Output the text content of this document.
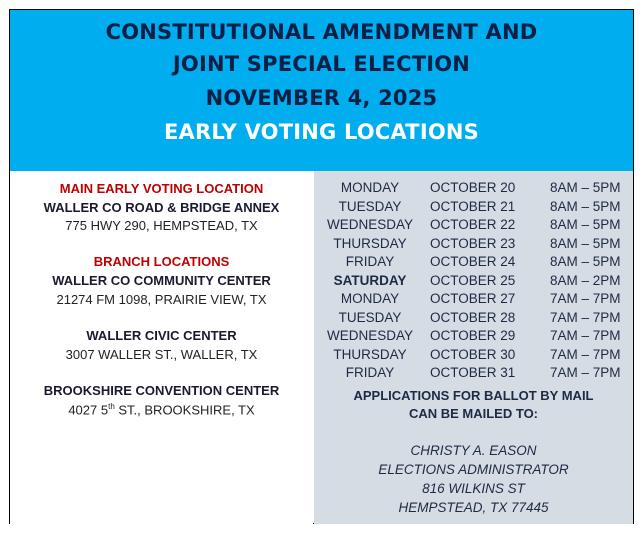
CONSTITUTIONAL AMENDMENT AND
JOINT SPECIAL ELECTION
NOVEMBER 4, 2025
EARLY VOTING LOCATIONS
MAIN EARLY VOTING LOCATION
WALLER CO ROAD & BRIDGE ANNEX
775 HWY 290, HEMPSTEAD, TX
BRANCH LOCATIONS
WALLER CO COMMUNITY CENTER
21274 FM 1098, PRAIRIE VIEW, TX
WALLER CIVIC CENTER
3007 WALLER ST., WALLER, TX
BROOKSHIRE CONVENTION CENTER
4027 5th ST., BROOKSHIRE, TX
MONDAY	OCTOBER 20	8AM – 5PM
TUESDAY	OCTOBER 21	8AM – 5PM
WEDNESDAY	OCTOBER 22	8AM – 5PM
THURSDAY	OCTOBER 23	8AM – 5PM
FRIDAY	OCTOBER 24	8AM – 5PM
SATURDAY	OCTOBER 25	8AM – 2PM
MONDAY	OCTOBER 27	7AM – 7PM
TUESDAY	OCTOBER 28	7AM – 7PM
WEDNESDAY	OCTOBER 29	7AM – 7PM
THURSDAY	OCTOBER 30	7AM – 7PM
FRIDAY	OCTOBER 31	7AM – 7PM
APPLICATIONS FOR BALLOT BY MAIL
CAN BE MAILED TO:
CHRISTY A. EASON
ELECTIONS ADMINISTRATOR
816 WILKINS ST
HEMPSTEAD, TX 77445
